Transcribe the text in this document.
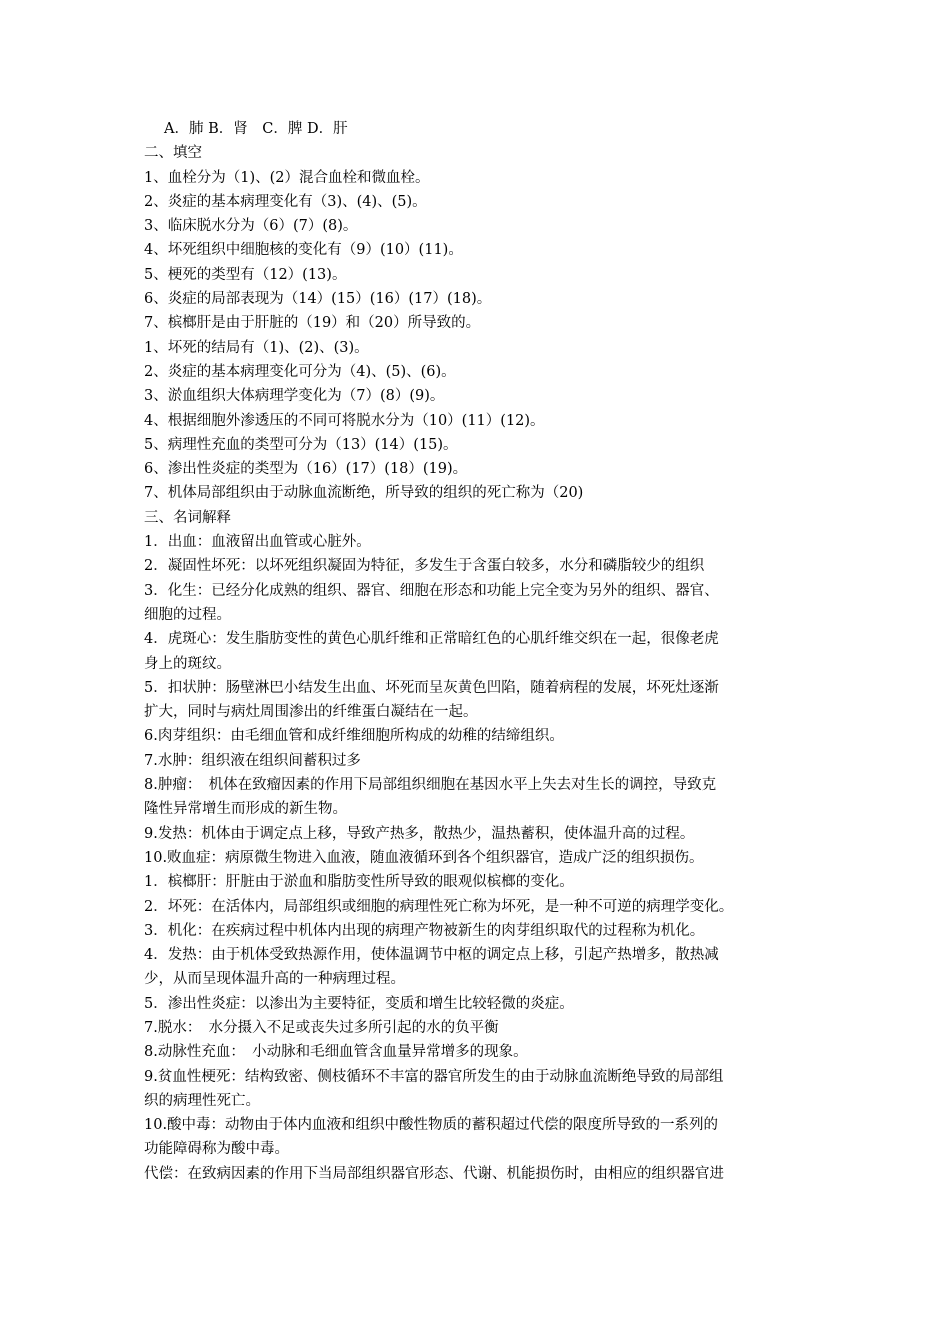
A．肺 B．肾　C．脾 D．肝
二、填空
1、血栓分为（1)、(2）混合血栓和微血栓。
2、炎症的基本病理变化有（3)、(4)、(5)。
3、临床脱水分为（6）(7）(8)。
4、坏死组织中细胞核的变化有（9）(10）(11)。
5、梗死的类型有（12）(13)。
6、炎症的局部表现为（14）(15）(16）(17）(18)。
7、槟榔肝是由于肝脏的（19）和（20）所导致的。
1、坏死的结局有（1)、(2)、(3)。
2、炎症的基本病理变化可分为（4)、(5)、(6)。
3、淤血组织大体病理学变化为（7）(8）(9)。
4、根据细胞外渗透压的不同可将脱水分为（10）(11）(12)。
5、病理性充血的类型可分为（13）(14）(15)。
6、渗出性炎症的类型为（16）(17）(18）(19)。
7、机体局部组织由于动脉血流断绝，所导致的组织的死亡称为（20)
三、名词解释
1．出血：血液留出血管或心脏外。
2．凝固性坏死：以坏死组织凝固为特征，多发生于含蛋白较多，水分和磷脂较少的组织
3．化生：已经分化成熟的组织、器官、细胞在形态和功能上完全变为另外的组织、器官、
细胞的过程。
4．虎斑心：发生脂肪变性的黄色心肌纤维和正常暗红色的心肌纤维交织在一起，很像老虎
身上的斑纹。
5．扣状肿：肠壁淋巴小结发生出血、坏死而呈灰黄色凹陷，随着病程的发展，坏死灶逐渐
扩大，同时与病灶周围渗出的纤维蛋白凝结在一起。
6.肉芽组织：由毛细血管和成纤维细胞所构成的幼稚的结缔组织。
7.水肿：组织液在组织间蓄积过多
8.肿瘤：　机体在致瘤因素的作用下局部组织细胞在基因水平上失去对生长的调控，导致克
隆性异常增生而形成的新生物。
9.发热：机体由于调定点上移，导致产热多，散热少，温热蓄积，使体温升高的过程。
10.败血症：病原微生物进入血液，随血液循环到各个组织器官，造成广泛的组织损伤。
1．槟榔肝：肝脏由于淤血和脂肪变性所导致的眼观似槟榔的变化。
2．坏死：在活体内，局部组织或细胞的病理性死亡称为坏死，是一种不可逆的病理学变化。
3．机化：在疾病过程中机体内出现的病理产物被新生的肉芽组织取代的过程称为机化。
4．发热：由于机体受致热源作用，使体温调节中枢的调定点上移，引起产热增多，散热减
少，从而呈现体温升高的一种病理过程。
5．渗出性炎症：以渗出为主要特征，变质和增生比较轻微的炎症。
7.脱水：　水分摄入不足或丧失过多所引起的水的负平衡
8.动脉性充血：　小动脉和毛细血管含血量异常增多的现象。
9.贫血性梗死：结构致密、侧枝循环不丰富的器官所发生的由于动脉血流断绝导致的局部组
织的病理性死亡。
10.酸中毒：动物由于体内血液和组织中酸性物质的蓄积超过代偿的限度所导致的一系列的
功能障碍称为酸中毒。
代偿：在致病因素的作用下当局部组织器官形态、代谢、机能损伤时，由相应的组织器官进
